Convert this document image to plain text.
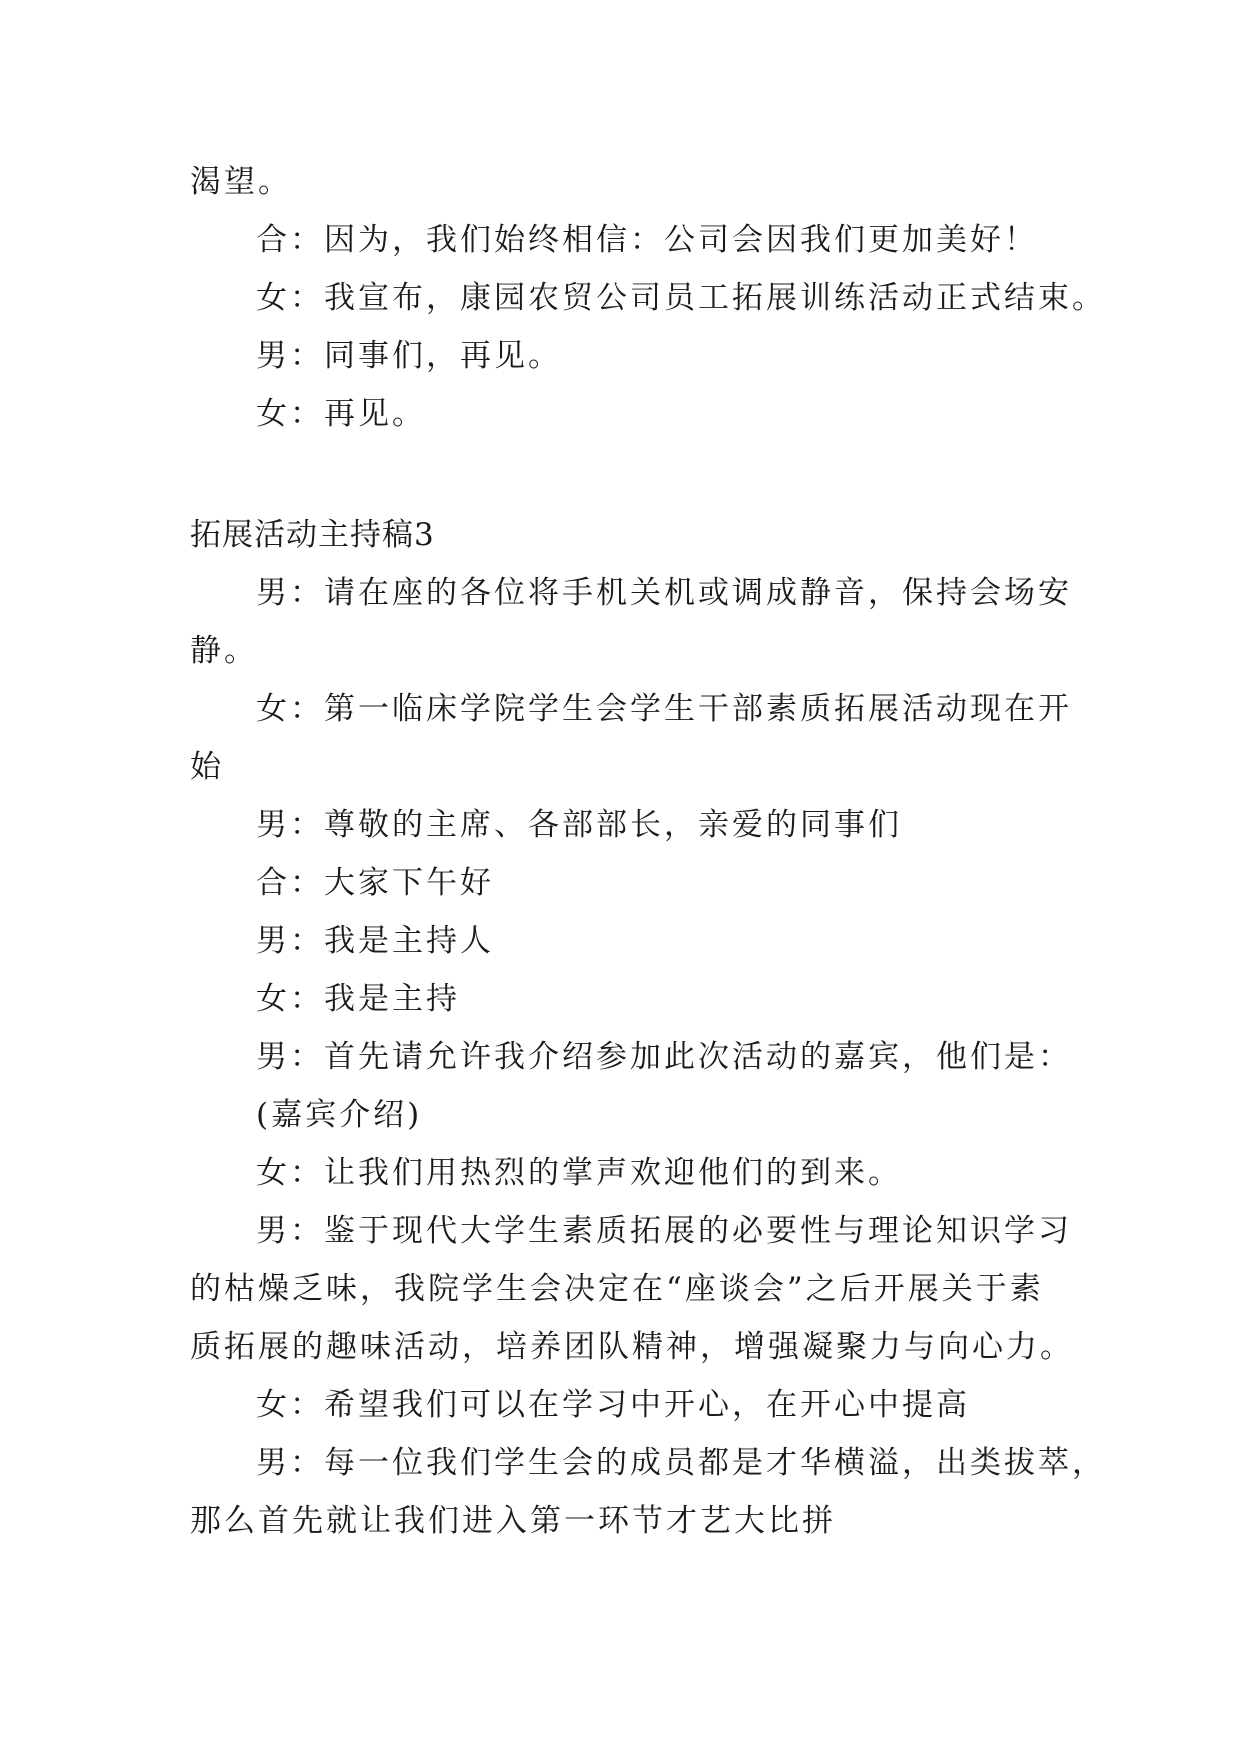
渴望。

合：因为，我们始终相信：公司会因我们更加美好！

女：我宣布，康园农贸公司员工拓展训练活动正式结束。

男：同事们，再见。

女：再见。

拓展活动主持稿3

男：请在座的各位将手机关机或调成静音，保持会场安

静。

女：第一临床学院学生会学生干部素质拓展活动现在开

始

男：尊敬的主席、各部部长，亲爱的同事们

合：大家下午好

男：我是主持人

女：我是主持

男：首先请允许我介绍参加此次活动的嘉宾，他们是：

(嘉宾介绍)

女：让我们用热烈的掌声欢迎他们的到来。

男：鉴于现代大学生素质拓展的必要性与理论知识学习

的枯燥乏味，我院学生会决定在“座谈会”之后开展关于素

质拓展的趣味活动，培养团队精神，增强凝聚力与向心力。

女：希望我们可以在学习中开心，在开心中提高

男：每一位我们学生会的成员都是才华横溢，出类拔萃，

那么首先就让我们进入第一环节才艺大比拼
